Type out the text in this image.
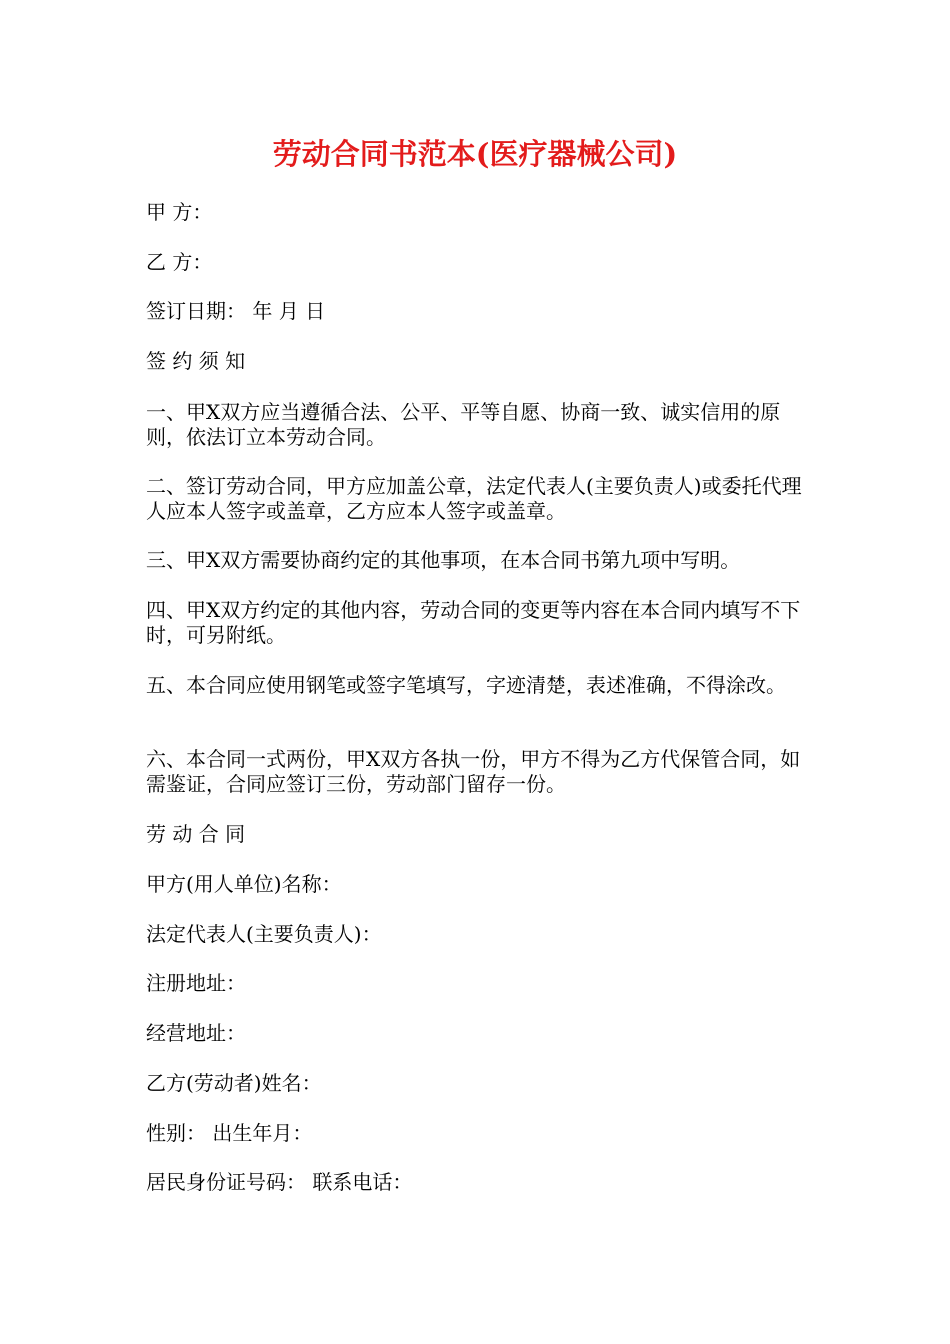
劳动合同书范本(医疗器械公司)
甲 方：
乙 方：
签订日期： 年 月 日
签 约 须 知
一、甲X双方应当遵循合法、公平、平等自愿、协商一致、诚实信用的原则，依法订立本劳动合同。
二、签订劳动合同，甲方应加盖公章，法定代表人(主要负责人)或委托代理人应本人签字或盖章，乙方应本人签字或盖章。
三、甲X双方需要协商约定的其他事项，在本合同书第九项中写明。
四、甲X双方约定的其他内容，劳动合同的变更等内容在本合同内填写不下时，可另附纸。
五、本合同应使用钢笔或签字笔填写，字迹清楚，表述准确，不得涂改。
六、本合同一式两份，甲X双方各执一份，甲方不得为乙方代保管合同，如需鉴证，合同应签订三份，劳动部门留存一份。
劳 动 合 同
甲方(用人单位)名称：
法定代表人(主要负责人)：
注册地址：
经营地址：
乙方(劳动者)姓名：
性别： 出生年月：
居民身份证号码： 联系电话：
